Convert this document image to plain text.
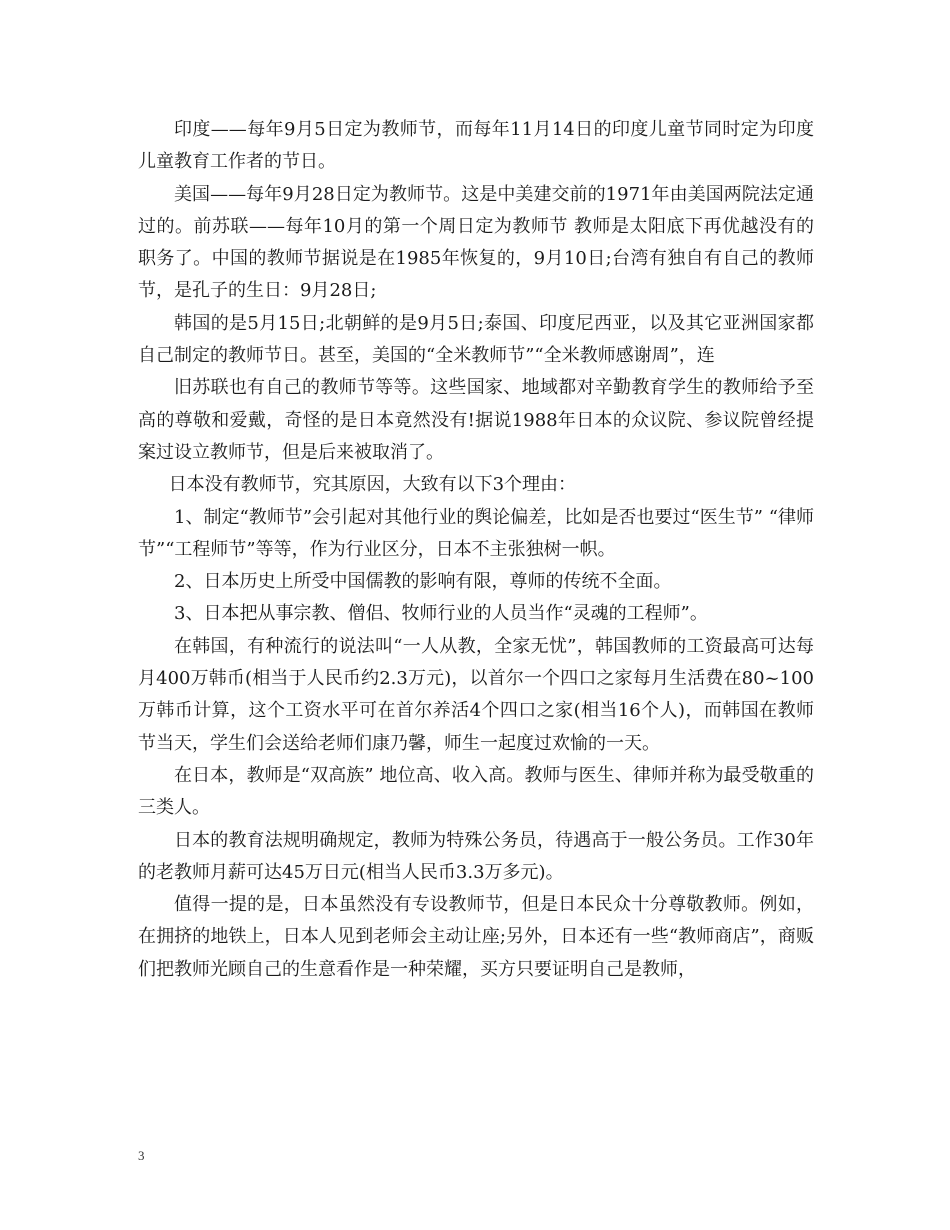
印度——每年9月5日定为教师节，而每年11月14日的印度儿童节同时定为印度儿童教育工作者的节日。

美国——每年9月28日定为教师节。这是中美建交前的1971年由美国两院法定通过的。前苏联——每年10月的第一个周日定为教师节 教师是太阳底下再优越没有的职务了。中国的教师节据说是在1985年恢复的，9月10日;台湾有独自有自己的教师节，是孔子的生日：9月28日;

韩国的是5月15日;北朝鲜的是9月5日;泰国、印度尼西亚，以及其它亚洲国家都自己制定的教师节日。甚至，美国的“全米教师节”“全米教师感谢周”，连

旧苏联也有自己的教师节等等。这些国家、地域都对辛勤教育学生的教师给予至高的尊敬和爱戴，奇怪的是日本竟然没有!据说1988年日本的众议院、参议院曾经提案过设立教师节，但是后来被取消了。

日本没有教师节，究其原因，大致有以下3个理由：

1、制定“教师节”会引起对其他行业的舆论偏差，比如是否也要过“医生节” “律师节”“工程师节”等等，作为行业区分，日本不主张独树一帜。

2、日本历史上所受中国儒教的影响有限，尊师的传统不全面。

3、日本把从事宗教、僧侣、牧师行业的人员当作“灵魂的工程师”。

在韩国，有种流行的说法叫“一人从教，全家无忧”，韩国教师的工资最高可达每月400万韩币(相当于人民币约2.3万元)，以首尔一个四口之家每月生活费在80~100万韩币计算，这个工资水平可在首尔养活4个四口之家(相当16个人)，而韩国在教师节当天，学生们会送给老师们康乃馨，师生一起度过欢愉的一天。

在日本，教师是“双高族” 地位高、收入高。教师与医生、律师并称为最受敬重的三类人。

日本的教育法规明确规定，教师为特殊公务员，待遇高于一般公务员。工作30年的老教师月薪可达45万日元(相当人民币3.3万多元)。

值得一提的是，日本虽然没有专设教师节，但是日本民众十分尊敬教师。例如，在拥挤的地铁上，日本人见到老师会主动让座;另外，日本还有一些“教师商店”，商贩们把教师光顾自己的生意看作是一种荣耀，买方只要证明自己是教师，

3
